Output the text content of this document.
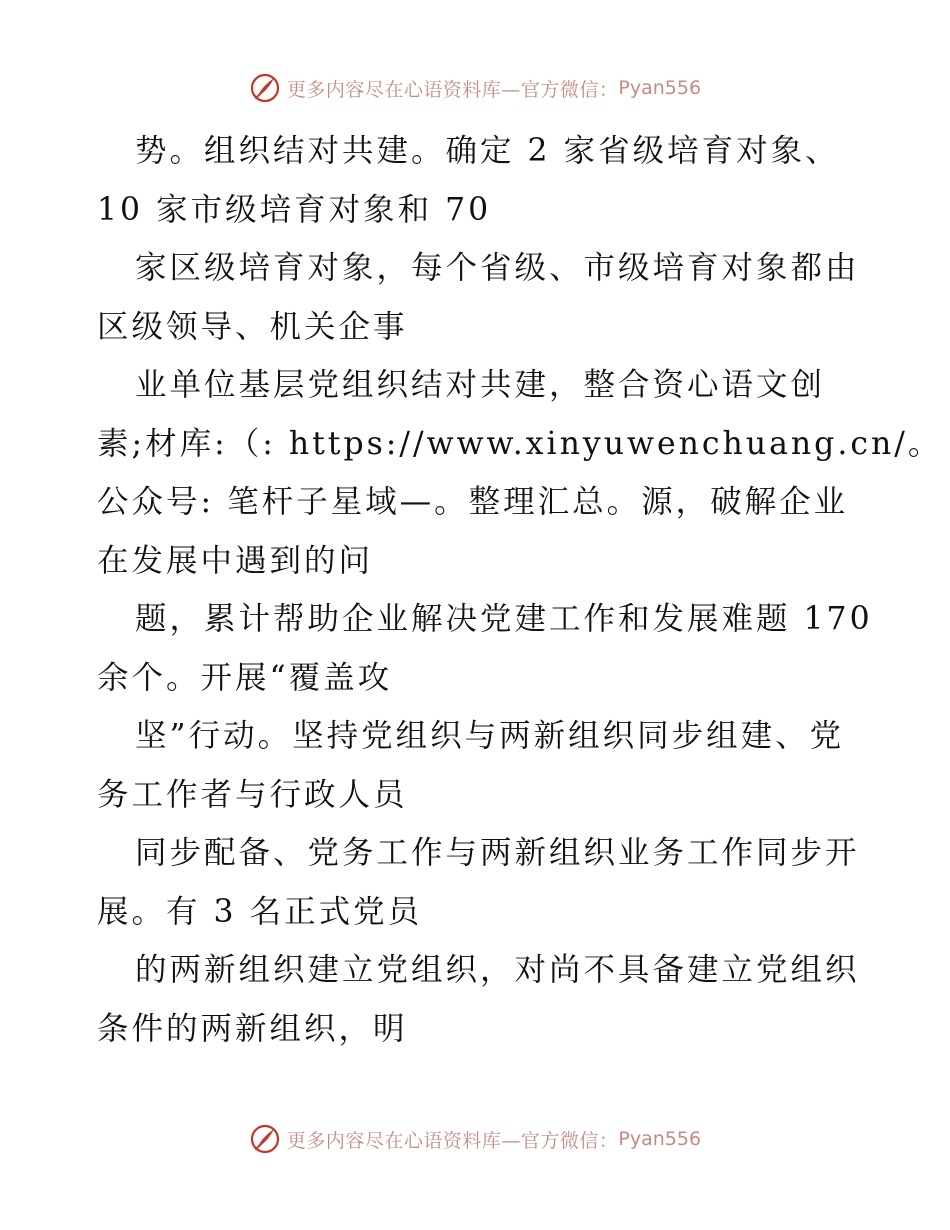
更多内容尽在心语资料库—官方微信： Pyan556
势。组织结对共建。确定 2 家省级培育对象、
10 家市级培育对象和 70
家区级培育对象，每个省级、市级培育对象都由
区级领导、机关企事
业单位基层党组织结对共建，整合资心语文创
素;材库:（: https://www.xinyuwenchuang.cn/。
公众号: 笔杆子星域—。整理汇总。源，破解企业
在发展中遇到的问
题，累计帮助企业解决党建工作和发展难题 170
余个。开展“覆盖攻
坚”行动。坚持党组织与两新组织同步组建、党
务工作者与行政人员
同步配备、党务工作与两新组织业务工作同步开
展。有 3 名正式党员
的两新组织建立党组织，对尚不具备建立党组织
条件的两新组织，明
更多内容尽在心语资料库—官方微信： Pyan556
